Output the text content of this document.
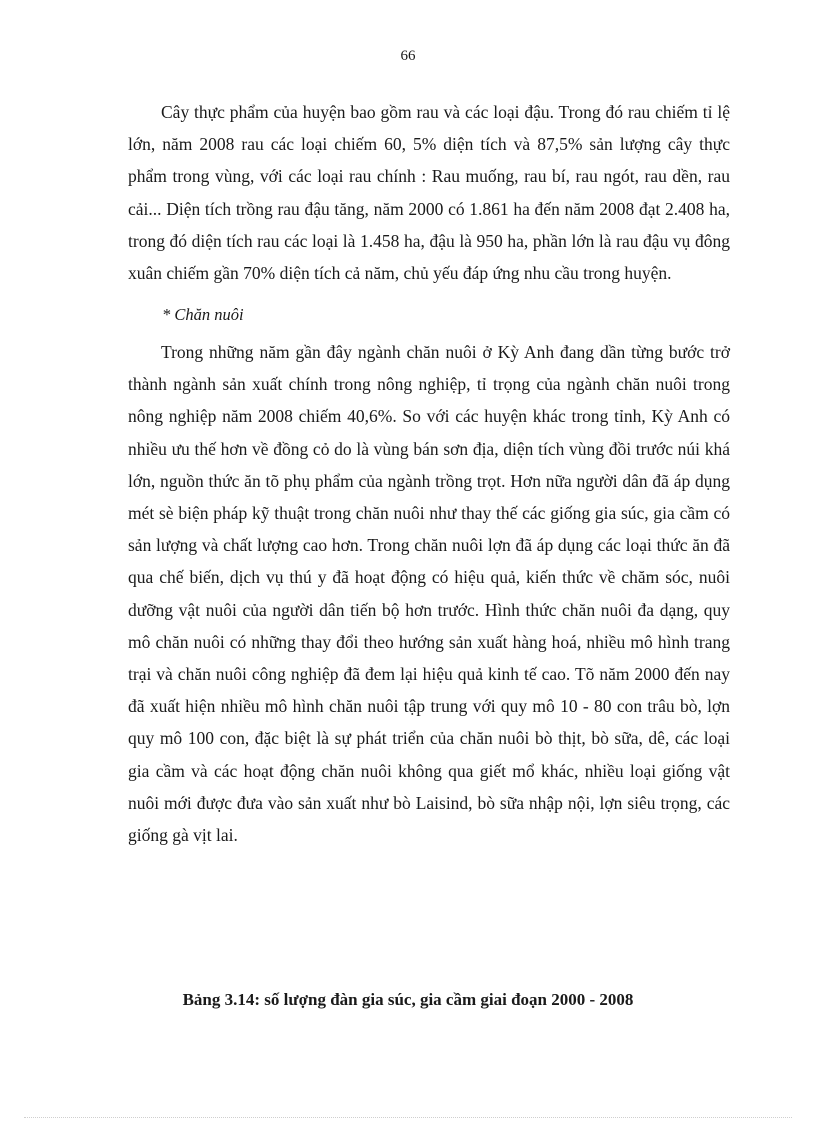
66

Cây thực phẩm của huyện bao gồm rau và các loại đậu. Trong đó rau chiếm tỉ lệ lớn, năm 2008 rau các loại chiếm 60, 5% diện tích và 87,5% sản lượng cây thực phẩm trong vùng, với các loại rau chính : Rau muống, rau bí, rau ngót, rau dền, rau cải... Diện tích trồng rau đậu tăng, năm 2000 có 1.861 ha đến năm 2008 đạt 2.408 ha, trong đó diện tích rau các loại là 1.458 ha, đậu là 950 ha, phần lớn là rau đậu vụ đông xuân chiếm gần 70% diện tích cả năm, chủ yếu đáp ứng nhu cầu trong huyện.

* Chăn nuôi

Trong những năm gần đây ngành chăn nuôi ở Kỳ Anh đang dần từng bước trở thành ngành sản xuất chính trong nông nghiệp, tỉ trọng của ngành chăn nuôi trong nông nghiệp năm 2008 chiếm 40,6%. So với các huyện khác trong tỉnh, Kỳ Anh có nhiều ưu thế hơn về đồng cỏ do là vùng bán sơn địa, diện tích vùng đồi trước núi khá lớn, nguồn thức ăn tõ phụ phẩm của ngành trồng trọt. Hơn nữa người dân đã áp dụng mét sè biện pháp kỹ thuật trong chăn nuôi như thay thế các giống gia súc, gia cầm có sản lượng và chất lượng cao hơn. Trong chăn nuôi lợn đã áp dụng các loại thức ăn đã qua chế biến, dịch vụ thú y đã hoạt động có hiệu quả, kiến thức về chăm sóc, nuôi dưỡng vật nuôi của người dân tiến bộ hơn trước. Hình thức chăn nuôi đa dạng, quy mô chăn nuôi có những thay đổi theo hướng sản xuất hàng hoá, nhiều mô hình trang trại và chăn nuôi công nghiệp đã đem lại hiệu quả kinh tế cao. Tõ năm 2000 đến nay đã xuất hiện nhiều mô hình chăn nuôi tập trung với quy mô 10 - 80 con trâu bò, lợn quy mô 100 con, đặc biệt là sự phát triển của chăn nuôi bò thịt, bò sữa, dê, các loại gia cầm và các hoạt động chăn nuôi không qua giết mổ khác, nhiều loại giống vật nuôi mới được đưa vào sản xuất như bò Laisind, bò sữa nhập nội, lợn siêu trọng, các giống gà vịt lai.

Bảng 3.14: số lượng đàn gia súc, gia cầm giai đoạn 2000 - 2008
